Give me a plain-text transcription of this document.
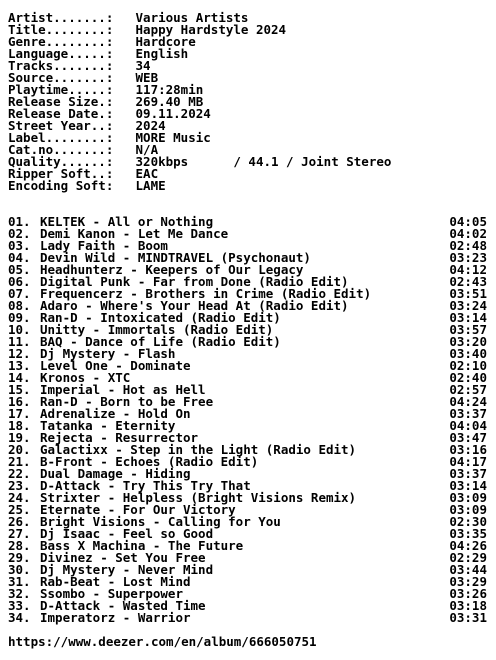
Artist.......: Various Artists
Title........: Happy Hardstyle 2024
Genre........: Hardcore
Language.....: English
Tracks.......: 34
Source.......: WEB
Playtime.....: 117:28min
Release Size.: 269.40 MB
Release Date.: 09.11.2024
Street Year..: 2024
Label........: MORE Music
Cat.no.......: N/A
Quality......: 320kbps      / 44.1 / Joint Stereo
Ripper Soft..: EAC
Encoding Soft: LAME
01. KELTEK - All or Nothing	04:05
02. Demi Kanon - Let Me Dance	04:02
03. Lady Faith - Boom	02:48
04. Devin Wild - MINDTRAVEL (Psychonaut)	03:23
05. Headhunterz - Keepers of Our Legacy	04:12
06. Digital Punk - Far from Done (Radio Edit)	02:43
07. Frequencerz - Brothers in Crime (Radio Edit)	03:51
08. Adaro - Where's Your Head At (Radio Edit)	03:24
09. Ran-D - Intoxicated (Radio Edit)	03:14
10. Unitty - Immortals (Radio Edit)	03:57
11. BAQ - Dance of Life (Radio Edit)	03:20
12. Dj Mystery - Flash	03:40
13. Level One - Dominate	02:10
14. Kronos - XTC	02:40
15. Imperial - Hot as Hell	02:57
16. Ran-D - Born to be Free	04:24
17. Adrenalize - Hold On	03:37
18. Tatanka - Eternity	04:04
19. Rejecta - Resurrector	03:47
20. Galactixx - Step in the Light (Radio Edit)	03:16
21. B-Front - Echoes (Radio Edit)	04:17
22. Dual Damage - Hiding	03:37
23. D-Attack - Try This Try That	03:14
24. Strixter - Helpless (Bright Visions Remix)	03:09
25. Eternate - For Our Victory	03:09
26. Bright Visions - Calling for You	02:30
27. Dj Isaac - Feel so Good	03:35
28. Bass X Machina - The Future	04:26
29. Divinez - Set You Free	02:29
30. Dj Mystery - Never Mind	03:44
31. Rab-Beat - Lost Mind	03:29
32. Ssombo - Superpower	03:26
33. D-Attack - Wasted Time	03:18
34. Imperatorz - Warrior	03:31
https://www.deezer.com/en/album/666050751
